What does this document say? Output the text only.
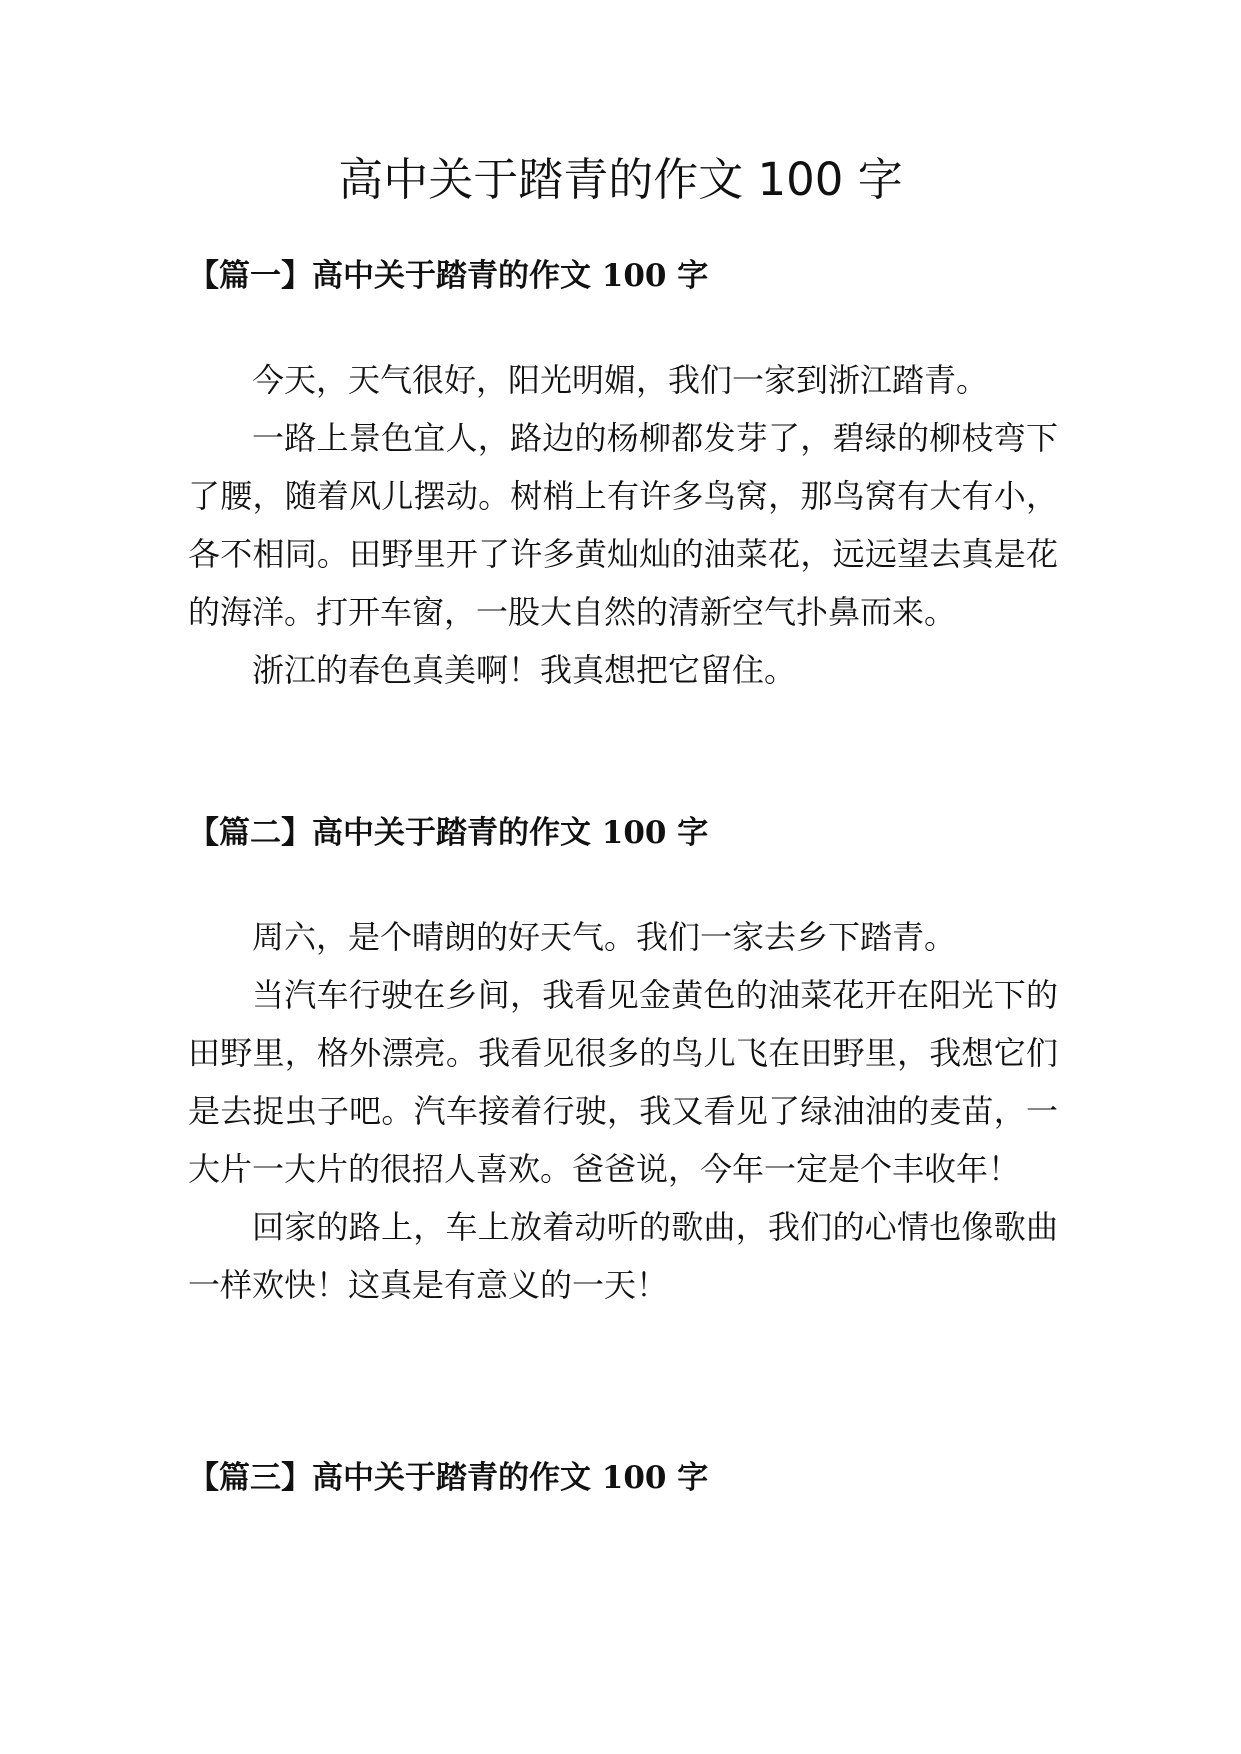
高中关于踏青的作文 100 字
【篇一】高中关于踏青的作文 100 字

今天，天气很好，阳光明媚，我们一家到浙江踏青。

一路上景色宜人，路边的杨柳都发芽了，碧绿的柳枝弯下了腰，随着风儿摆动。树梢上有许多鸟窝，那鸟窝有大有小，各不相同。田野里开了许多黄灿灿的油菜花，远远望去真是花的海洋。打开车窗，一股大自然的清新空气扑鼻而来。

浙江的春色真美啊！我真想把它留住。

【篇二】高中关于踏青的作文 100 字

周六，是个晴朗的好天气。我们一家去乡下踏青。

当汽车行驶在乡间，我看见金黄色的油菜花开在阳光下的田野里，格外漂亮。我看见很多的鸟儿飞在田野里，我想它们是去捉虫子吧。汽车接着行驶，我又看见了绿油油的麦苗，一大片一大片的很招人喜欢。爸爸说，今年一定是个丰收年！

回家的路上，车上放着动听的歌曲，我们的心情也像歌曲一样欢快！这真是有意义的一天！

【篇三】高中关于踏青的作文 100 字
